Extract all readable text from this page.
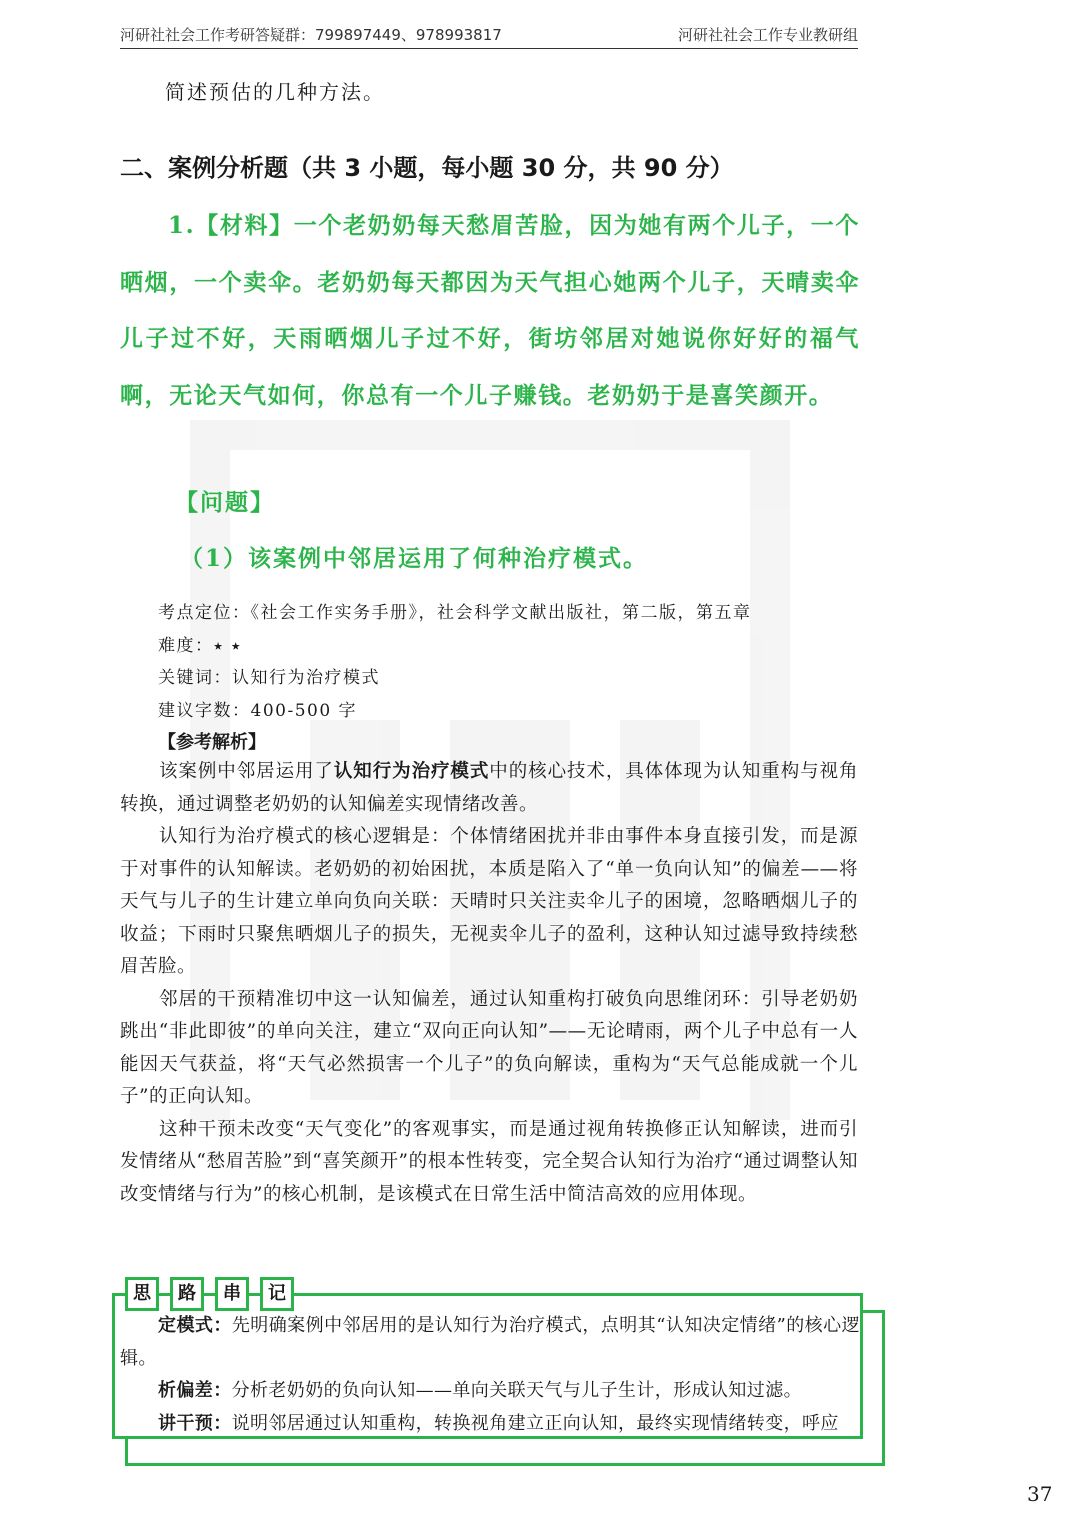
河研社社会工作考研答疑群：799897449、978993817	河研社社会工作专业教研组
简述预估的几种方法。
二、案例分析题（共 3 小题，每小题 30 分，共 90 分）
1.【材料】一个老奶奶每天愁眉苦脸，因为她有两个儿子，一个晒烟，一个卖伞。老奶奶每天都因为天气担心她两个儿子，天晴卖伞儿子过不好，天雨晒烟儿子过不好，街坊邻居对她说你好好的福气啊，无论天气如何，你总有一个儿子赚钱。老奶奶于是喜笑颜开。
【问题】
（1）该案例中邻居运用了何种治疗模式。
考点定位：《社会工作实务手册》，社会科学文献出版社，第二版，第五章
难度：⭑ ⭑
关键词：认知行为治疗模式
建议字数：400-500 字
【参考解析】

该案例中邻居运用了认知行为治疗模式中的核心技术，具体体现为认知重构与视角转换，通过调整老奶奶的认知偏差实现情绪改善。

认知行为治疗模式的核心逻辑是：个体情绪困扰并非由事件本身直接引发，而是源于对事件的认知解读。老奶奶的初始困扰，本质是陷入了“单一负向认知”的偏差——将天气与儿子的生计建立单向负向关联：天晴时只关注卖伞儿子的困境，忽略晒烟儿子的收益；下雨时只聚焦晒烟儿子的损失，无视卖伞儿子的盈利，这种认知过滤导致持续愁眉苦脸。

邻居的干预精准切中这一认知偏差，通过认知重构打破负向思维闭环：引导老奶奶跳出“非此即彼”的单向关注，建立“双向正向认知”——无论晴雨，两个儿子中总有一人能因天气获益，将“天气必然损害一个儿子”的负向解读，重构为“天气总能成就一个儿子”的正向认知。

这种干预未改变“天气变化”的客观事实，而是通过视角转换修正认知解读，进而引发情绪从“愁眉苦脸”到“喜笑颜开”的根本性转变，完全契合认知行为治疗“通过调整认知改变情绪与行为”的核心机制，是该模式在日常生活中简洁高效的应用体现。

思	路	串	记

定模式：先明确案例中邻居用的是认知行为治疗模式，点明其“认知决定情绪”的核心逻辑。

析偏差：分析老奶奶的负向认知——单向关联天气与儿子生计，形成认知过滤。

讲干预：说明邻居通过认知重构，转换视角建立正向认知，最终实现情绪转变，呼应

37
